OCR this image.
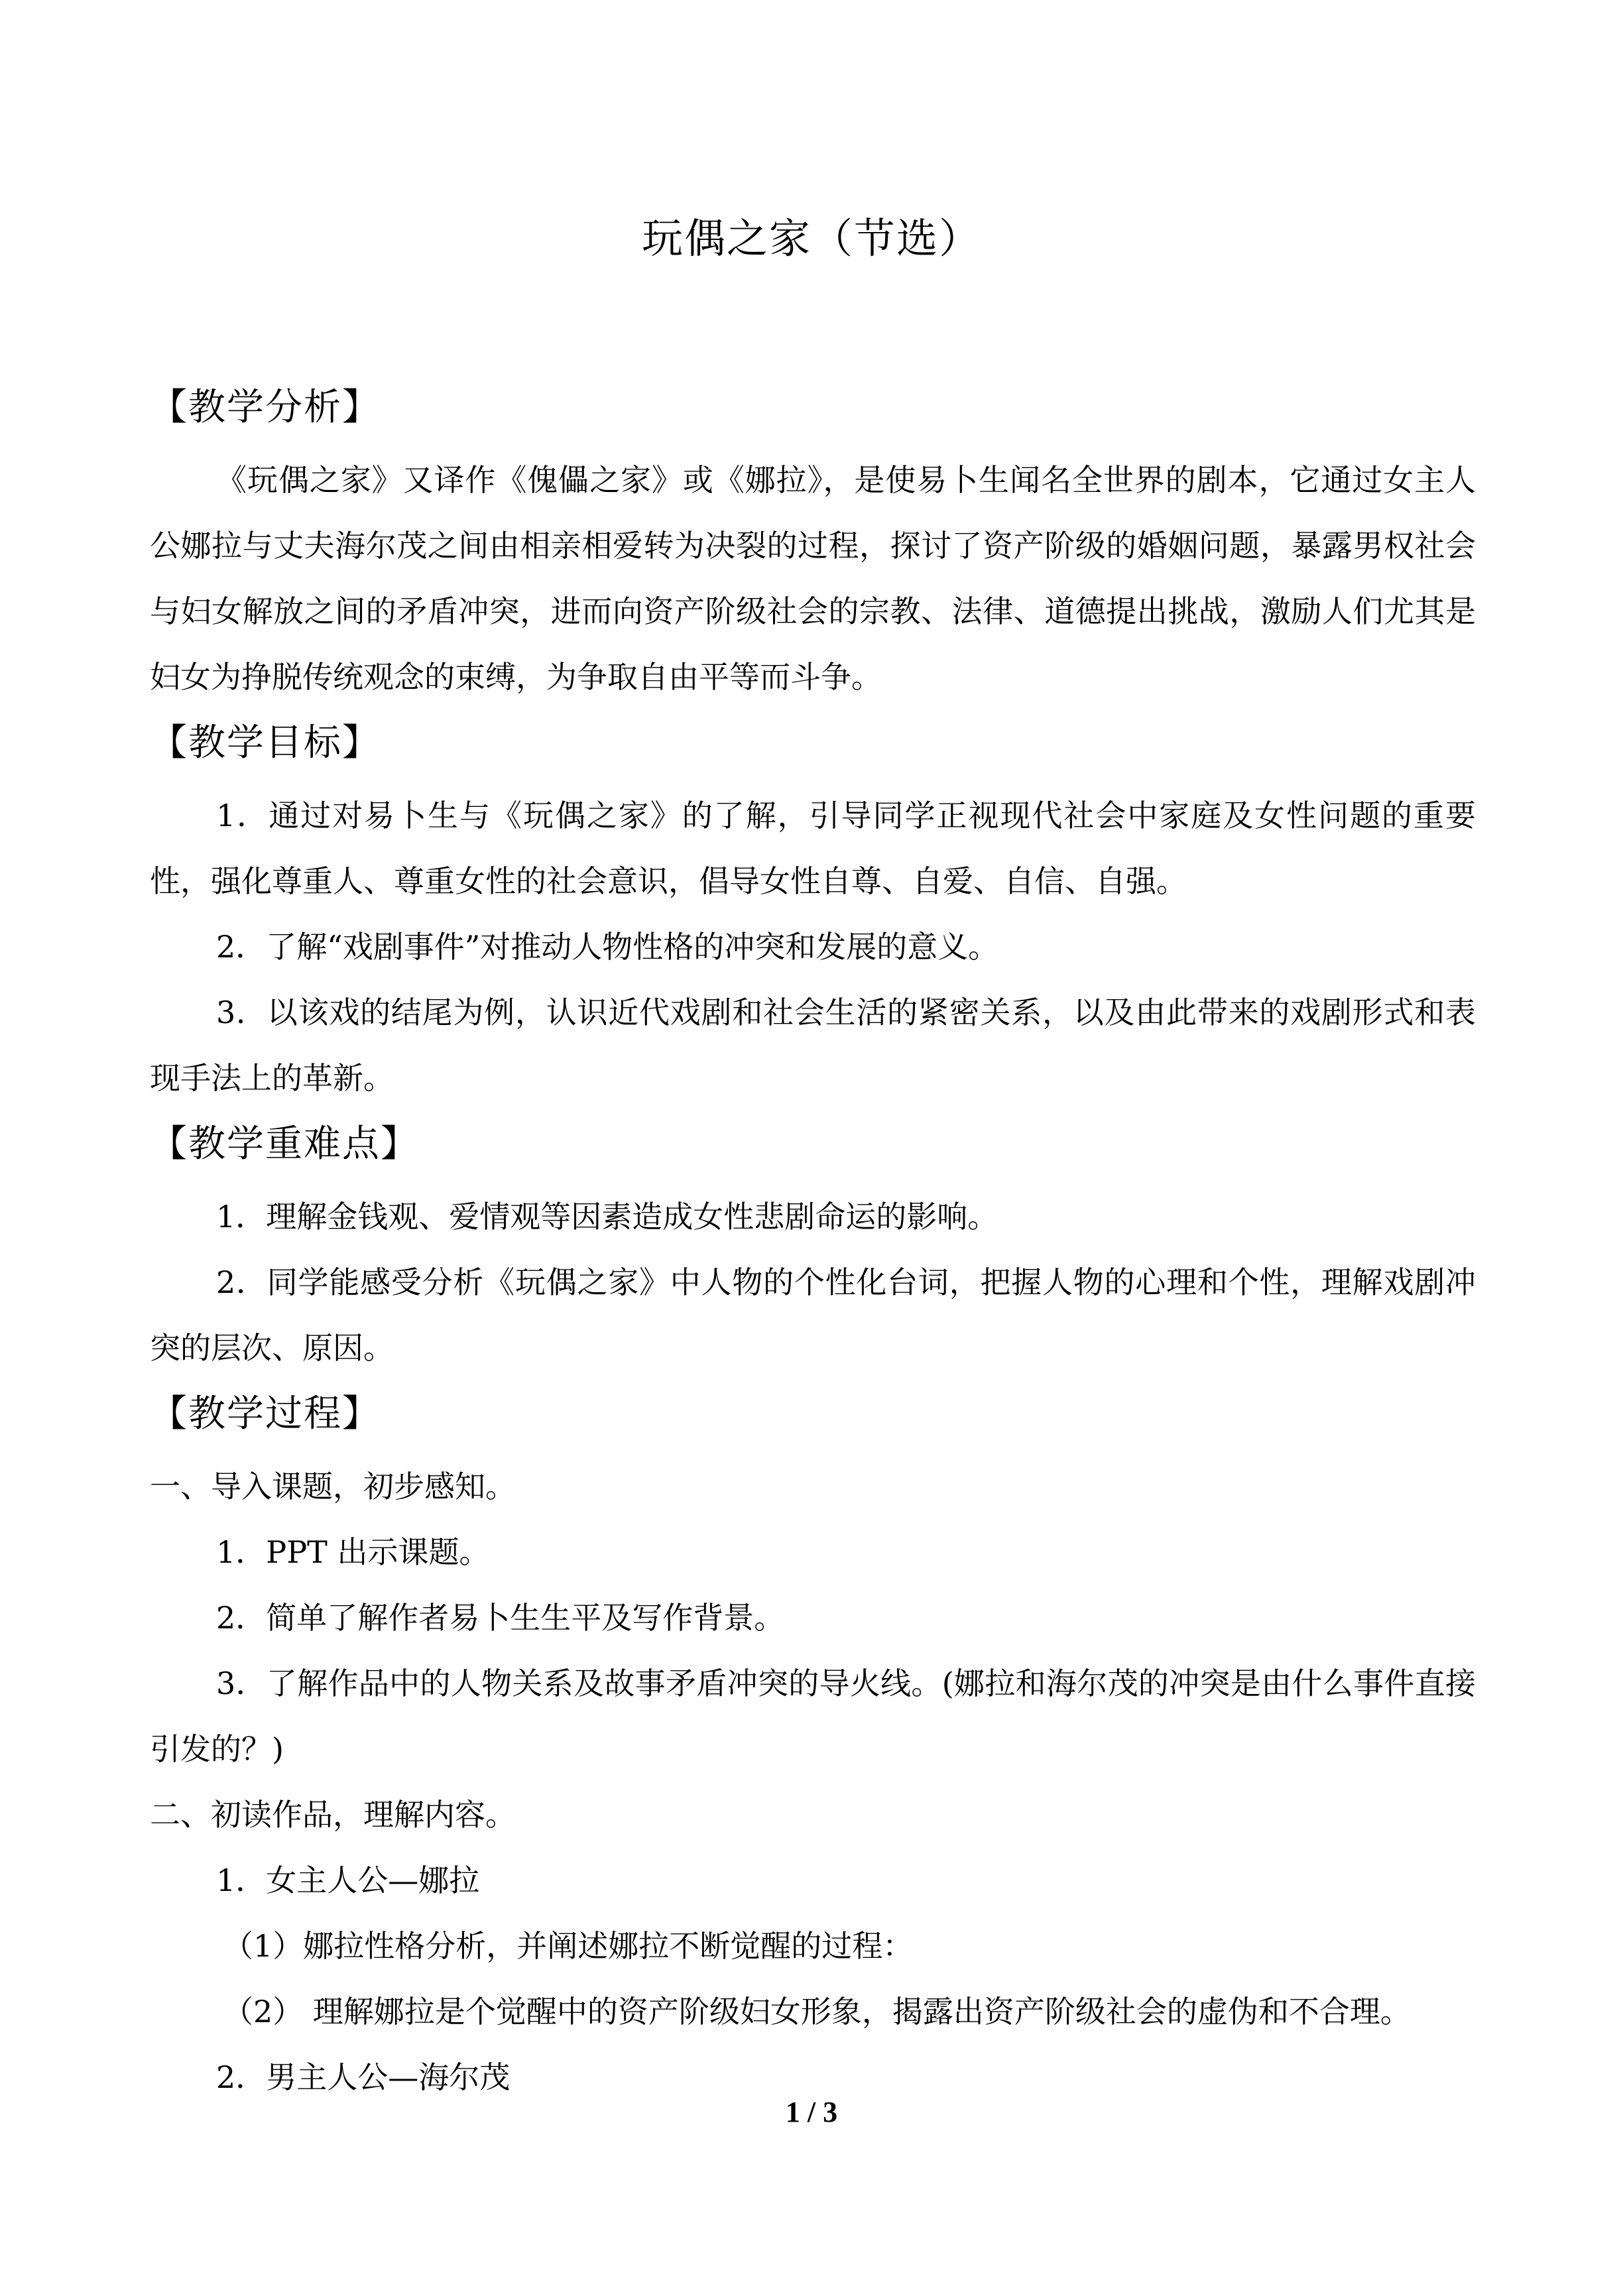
玩偶之家（节选）
【教学分析】

《玩偶之家》又译作《傀儡之家》或《娜拉》，是使易卜生闻名全世界的剧本，它通过女主人公娜拉与丈夫海尔茂之间由相亲相爱转为决裂的过程，探讨了资产阶级的婚姻问题，暴露男权社会与妇女解放之间的矛盾冲突，进而向资产阶级社会的宗教、法律、道德提出挑战，激励人们尤其是妇女为挣脱传统观念的束缚，为争取自由平等而斗争。

【教学目标】

1．通过对易卜生与《玩偶之家》的了解，引导同学正视现代社会中家庭及女性问题的重要性，强化尊重人、尊重女性的社会意识，倡导女性自尊、自爱、自信、自强。

2．了解“戏剧事件”对推动人物性格的冲突和发展的意义。

3．以该戏的结尾为例，认识近代戏剧和社会生活的紧密关系，以及由此带来的戏剧形式和表现手法上的革新。

【教学重难点】

1．理解金钱观、爱情观等因素造成女性悲剧命运的影响。

2．同学能感受分析《玩偶之家》中人物的个性化台词，把握人物的心理和个性，理解戏剧冲突的层次、原因。

【教学过程】

一、导入课题，初步感知。

1．PPT 出示课题。

2．简单了解作者易卜生生平及写作背景。

3．了解作品中的人物关系及故事矛盾冲突的导火线。(娜拉和海尔茂的冲突是由什么事件直接引发的？)

二、初读作品，理解内容。

1．女主人公—娜拉

（1）娜拉性格分析，并阐述娜拉不断觉醒的过程：

（2） 理解娜拉是个觉醒中的资产阶级妇女形象，揭露出资产阶级社会的虚伪和不合理。

2．男主人公—海尔茂

1 / 3
